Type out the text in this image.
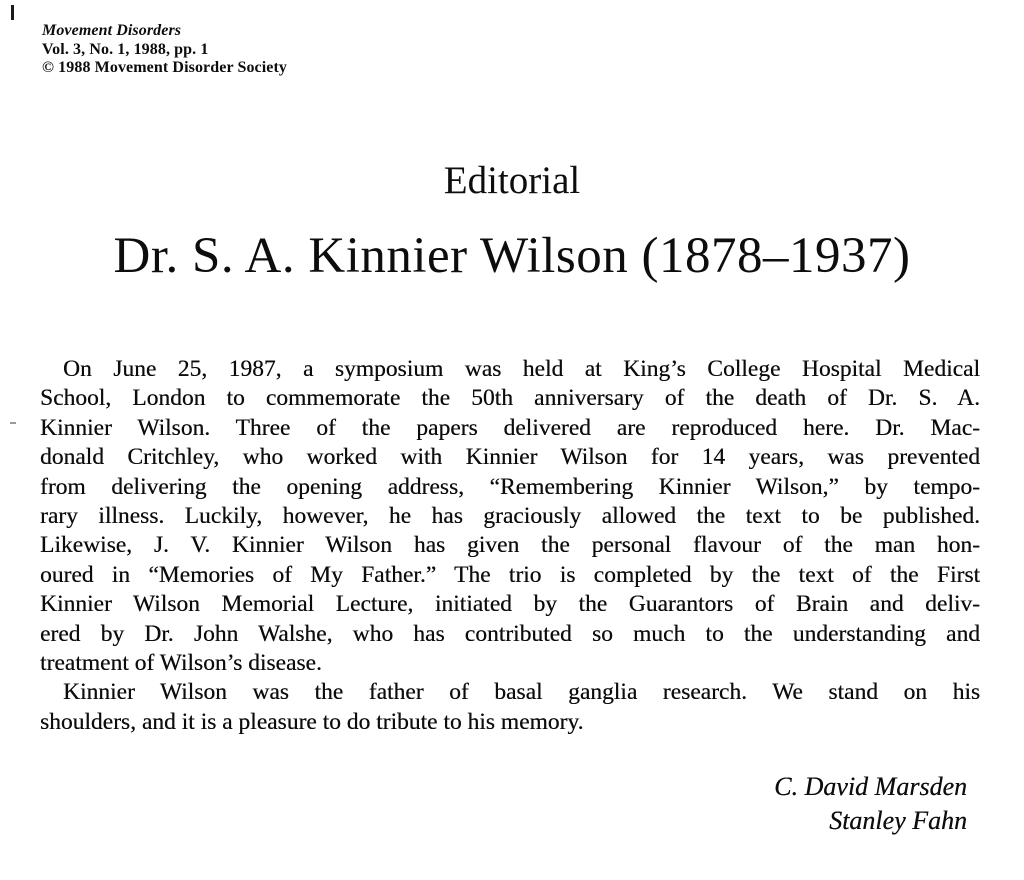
Movement Disorders
Vol. 3, No. 1, 1988, pp. 1
© 1988 Movement Disorder Society
Editorial
Dr. S. A. Kinnier Wilson (1878–1937)
On June 25, 1987, a symposium was held at King’s College Hospital Medical
School, London to commemorate the 50th anniversary of the death of Dr. S. A.
Kinnier Wilson. Three of the papers delivered are reproduced here. Dr. Mac-
donald Critchley, who worked with Kinnier Wilson for 14 years, was prevented
from delivering the opening address, “Remembering Kinnier Wilson,” by tempo-
rary illness. Luckily, however, he has graciously allowed the text to be published.
Likewise, J. V. Kinnier Wilson has given the personal flavour of the man hon-
oured in “Memories of My Father.” The trio is completed by the text of the First
Kinnier Wilson Memorial Lecture, initiated by the Guarantors of Brain and deliv-
ered by Dr. John Walshe, who has contributed so much to the understanding and
treatment of Wilson’s disease.
Kinnier Wilson was the father of basal ganglia research. We stand on his
shoulders, and it is a pleasure to do tribute to his memory.
C. David Marsden
Stanley Fahn
